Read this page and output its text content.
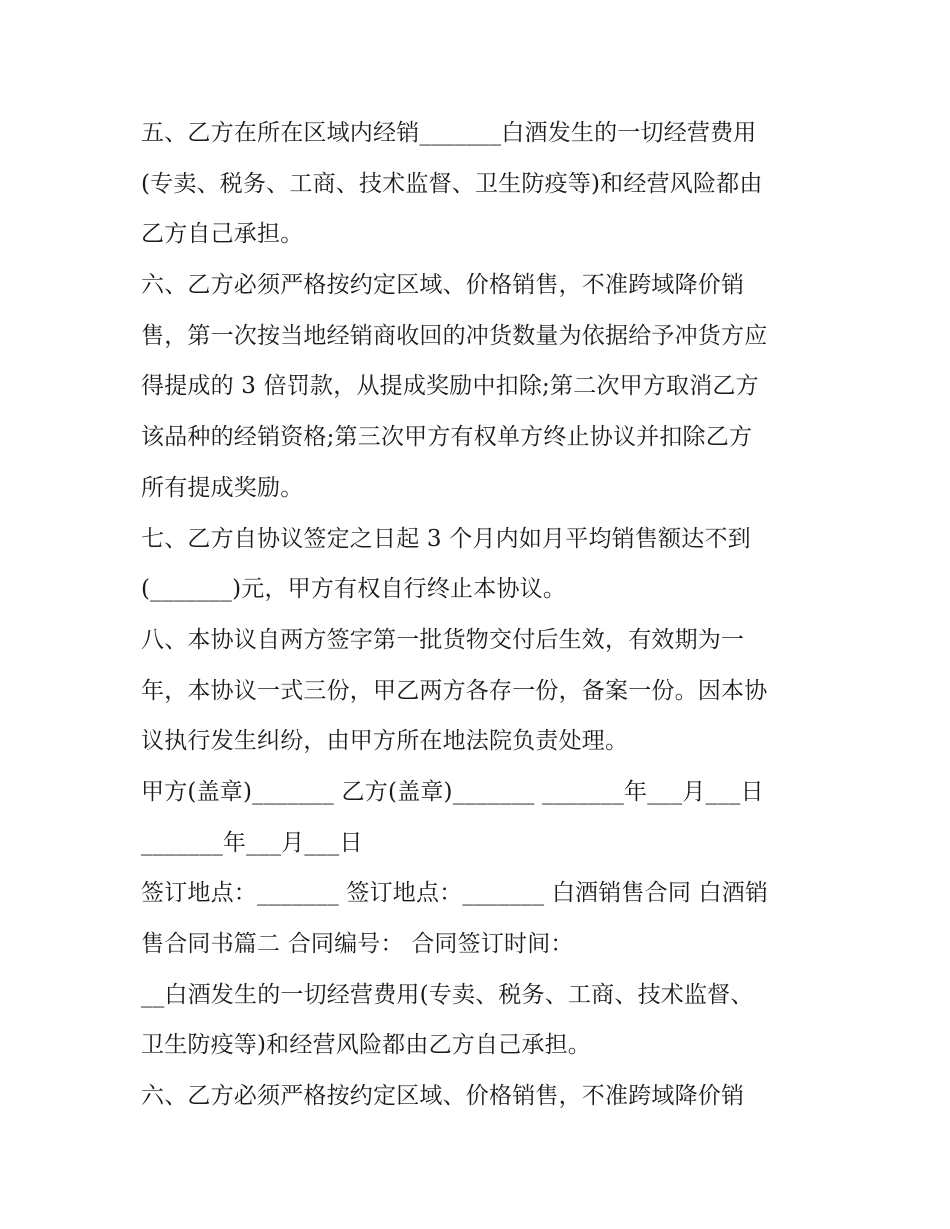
五、乙方在所在区域内经销_______白酒发生的一切经营费用
(专卖、税务、工商、技术监督、卫生防疫等)和经营风险都由
乙方自己承担。
六、乙方必须严格按约定区域、价格销售，不准跨域降价销
售，第一次按当地经销商收回的冲货数量为依据给予冲货方应
得提成的 3 倍罚款，从提成奖励中扣除;第二次甲方取消乙方
该品种的经销资格;第三次甲方有权单方终止协议并扣除乙方
所有提成奖励。
七、乙方自协议签定之日起 3 个月内如月平均销售额达不到
(_______)元，甲方有权自行终止本协议。
八、本协议自两方签字第一批货物交付后生效，有效期为一
年，本协议一式三份，甲乙两方各存一份，备案一份。因本协
议执行发生纠纷，由甲方所在地法院负责处理。
甲方(盖章)_______ 乙方(盖章)_______ _______年___月___日
_______年___月___日
签订地点：_______ 签订地点：_______ 白酒销售合同 白酒销
售合同书篇二 合同编号： 合同签订时间：
__白酒发生的一切经营费用(专卖、税务、工商、技术监督、
卫生防疫等)和经营风险都由乙方自己承担。
六、乙方必须严格按约定区域、价格销售，不准跨域降价销
